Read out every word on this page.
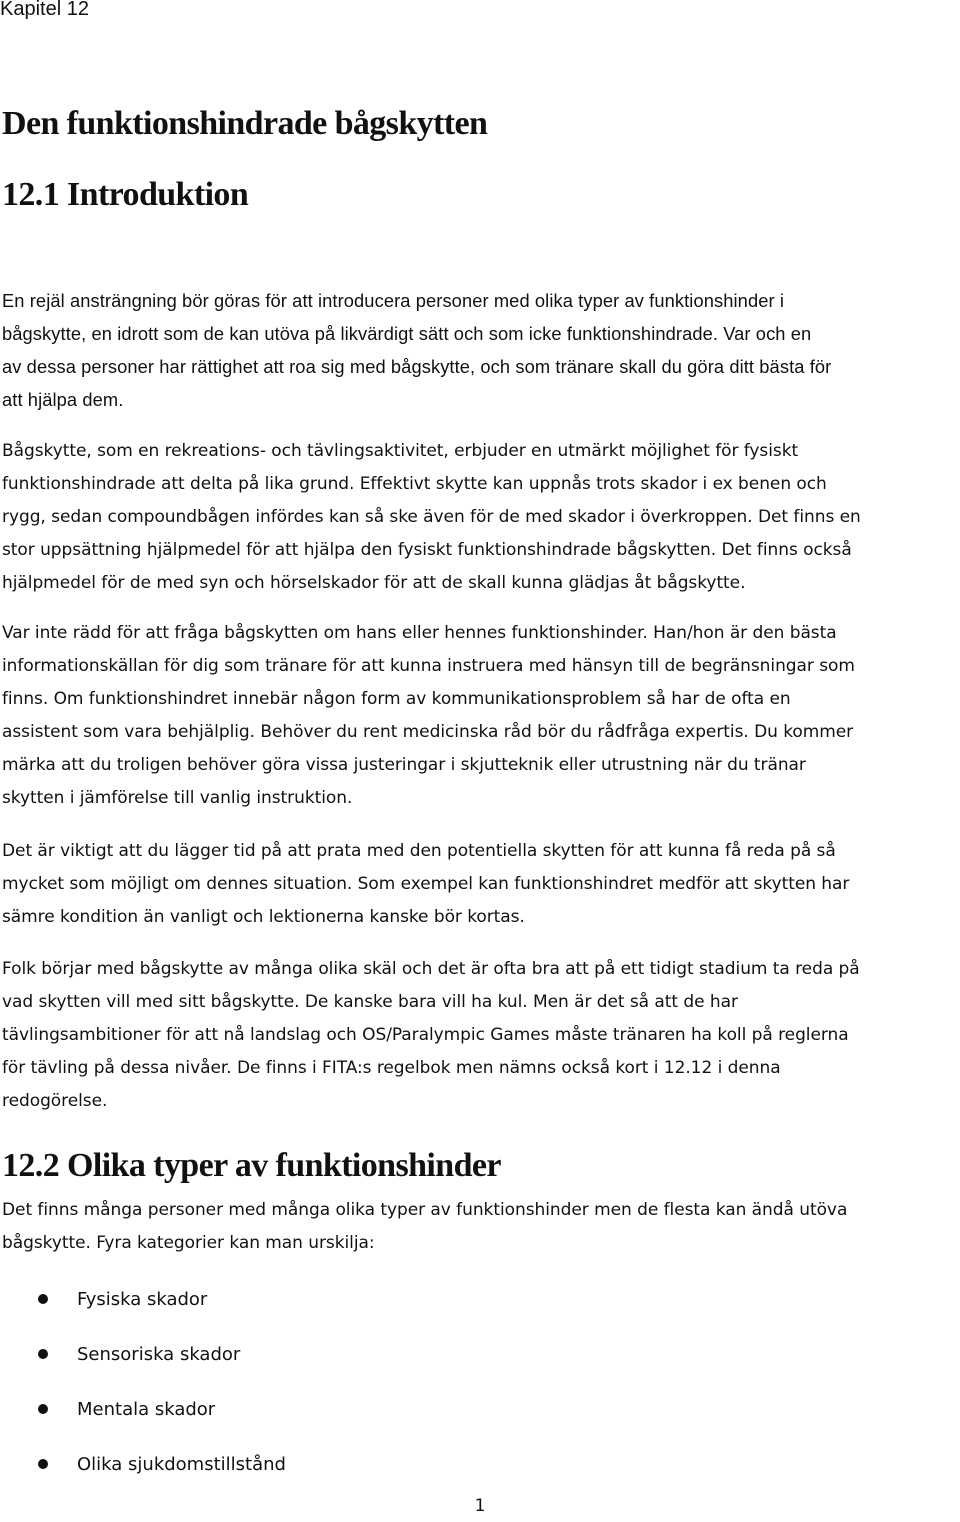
Kapitel 12
Den funktionshindrade bågskytten
12.1 Introduktion
En rejäl ansträngning bör göras för att introducera personer med olika typer av funktionshinder i
bågskytte, en idrott som de kan utöva på likvärdigt sätt och som icke funktionshindrade. Var och en
av dessa personer har rättighet att roa sig med bågskytte, och som tränare skall du göra ditt bästa för
att hjälpa dem.
Bågskytte, som en rekreations- och tävlingsaktivitet, erbjuder en utmärkt möjlighet för fysiskt
funktionshindrade att delta på lika grund. Effektivt skytte kan uppnås trots skador i ex benen och
rygg, sedan compoundbågen infördes kan så ske även för de med skador i överkroppen. Det finns en
stor uppsättning hjälpmedel för att hjälpa den fysiskt funktionshindrade bågskytten. Det finns också
hjälpmedel för de med syn och hörselskador för att de skall kunna glädjas åt bågskytte.
Var inte rädd för att fråga bågskytten om hans eller hennes funktionshinder. Han/hon är den bästa
informationskällan för dig som tränare för att kunna instruera med hänsyn till de begränsningar som
finns. Om funktionshindret innebär någon form av kommunikationsproblem så har de ofta en
assistent som vara behjälplig. Behöver du rent medicinska råd bör du rådfråga expertis. Du kommer
märka att du troligen behöver göra vissa justeringar i skjutteknik eller utrustning när du tränar
skytten i jämförelse till vanlig instruktion.
Det är viktigt att du lägger tid på att prata med den potentiella skytten för att kunna få reda på så
mycket som möjligt om dennes situation. Som exempel kan funktionshindret medför att skytten har
sämre kondition än vanligt och lektionerna kanske bör kortas.
Folk börjar med bågskytte av många olika skäl och det är ofta bra att på ett tidigt stadium ta reda på
vad skytten vill med sitt bågskytte. De kanske bara vill ha kul. Men är det så att de har
tävlingsambitioner för att nå landslag och OS/Paralympic Games måste tränaren ha koll på reglerna
för tävling på dessa nivåer. De finns i FITA:s regelbok men nämns också kort i 12.12 i denna
redogörelse.
12.2 Olika typer av funktionshinder
Det finns många personer med många olika typer av funktionshinder men de flesta kan ändå utöva
bågskytte. Fyra kategorier kan man urskilja:
Fysiska skador
Sensoriska skador
Mentala skador
Olika sjukdomstillstånd
1
